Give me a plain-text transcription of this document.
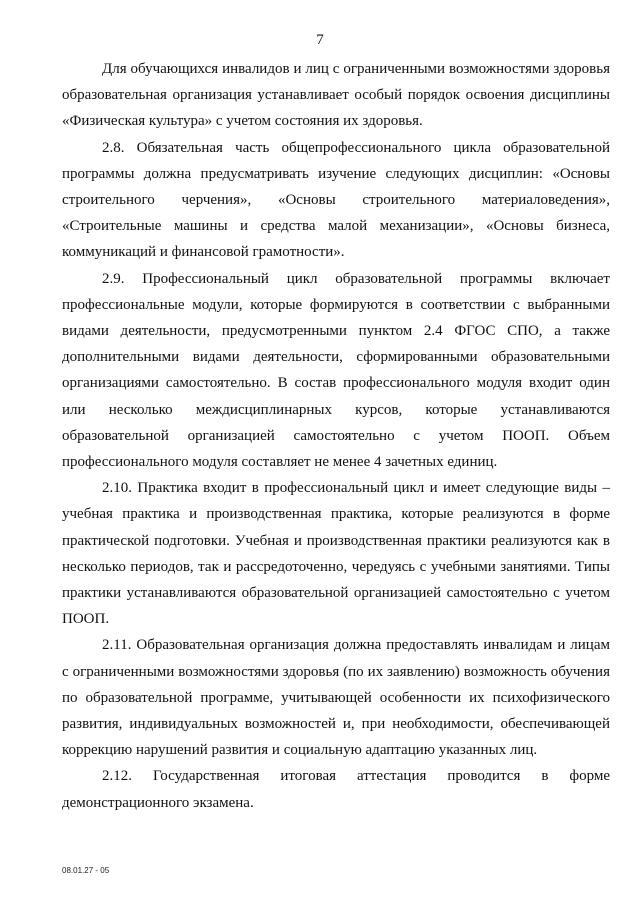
7

Для обучающихся инвалидов и лиц с ограниченными возможностями здоровья образовательная организация устанавливает особый порядок освоения дисциплины «Физическая культура» с учетом состояния их здоровья.

2.8. Обязательная часть общепрофессионального цикла образовательной программы должна предусматривать изучение следующих дисциплин: «Основы строительного черчения», «Основы строительного материаловедения», «Строительные машины и средства малой механизации», «Основы бизнеса, коммуникаций и финансовой грамотности».

2.9. Профессиональный цикл образовательной программы включает профессиональные модули, которые формируются в соответствии с выбранными видами деятельности, предусмотренными пунктом 2.4 ФГОС СПО, а также дополнительными видами деятельности, сформированными образовательными организациями самостоятельно. В состав профессионального модуля входит один или несколько междисциплинарных курсов, которые устанавливаются образовательной организацией самостоятельно с учетом ПООП. Объем профессионального модуля составляет не менее 4 зачетных единиц.

2.10. Практика входит в профессиональный цикл и имеет следующие виды – учебная практика и производственная практика, которые реализуются в форме практической подготовки. Учебная и производственная практики реализуются как в несколько периодов, так и рассредоточенно, чередуясь с учебными занятиями. Типы практики устанавливаются образовательной организацией самостоятельно с учетом ПООП.

2.11. Образовательная организация должна предоставлять инвалидам и лицам с ограниченными возможностями здоровья (по их заявлению) возможность обучения по образовательной программе, учитывающей особенности их психофизического развития, индивидуальных возможностей и, при необходимости, обеспечивающей коррекцию нарушений развития и социальную адаптацию указанных лиц.

2.12. Государственная итоговая аттестация проводится в форме демонстрационного экзамена.

08.01.27 - 05
